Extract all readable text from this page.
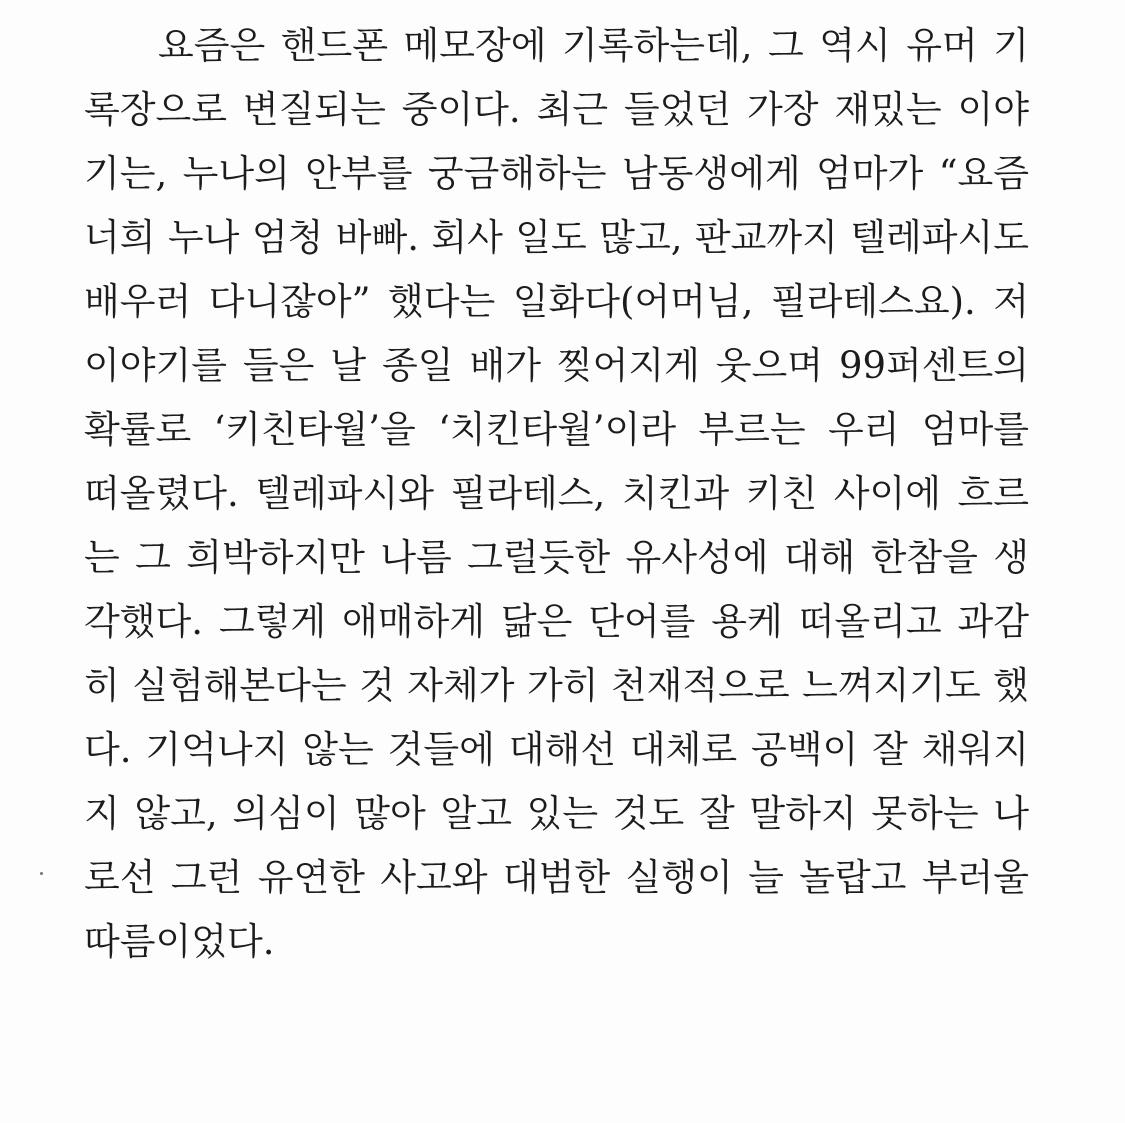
요즘은 핸드폰 메모장에 기록하는데, 그 역시 유머 기
록장으로 변질되는 중이다. 최근 들었던 가장 재밌는 이야
기는, 누나의 안부를 궁금해하는 남동생에게 엄마가 “요즘
너희 누나 엄청 바빠. 회사 일도 많고, 판교까지 텔레파시도
배우러 다니잖아” 했다는 일화다(어머님, 필라테스요). 저
이야기를 들은 날 종일 배가 찢어지게 웃으며 99퍼센트의
확률로 ‘키친타월’을 ‘치킨타월’이라 부르는 우리 엄마를
떠올렸다. 텔레파시와 필라테스, 치킨과 키친 사이에 흐르
는 그 희박하지만 나름 그럴듯한 유사성에 대해 한참을 생
각했다. 그렇게 애매하게 닮은 단어를 용케 떠올리고 과감
히 실험해본다는 것 자체가 가히 천재적으로 느껴지기도 했
다. 기억나지 않는 것들에 대해선 대체로 공백이 잘 채워지
지 않고, 의심이 많아 알고 있는 것도 잘 말하지 못하는 나
로선 그런 유연한 사고와 대범한 실행이 늘 놀랍고 부러울
따름이었다.
